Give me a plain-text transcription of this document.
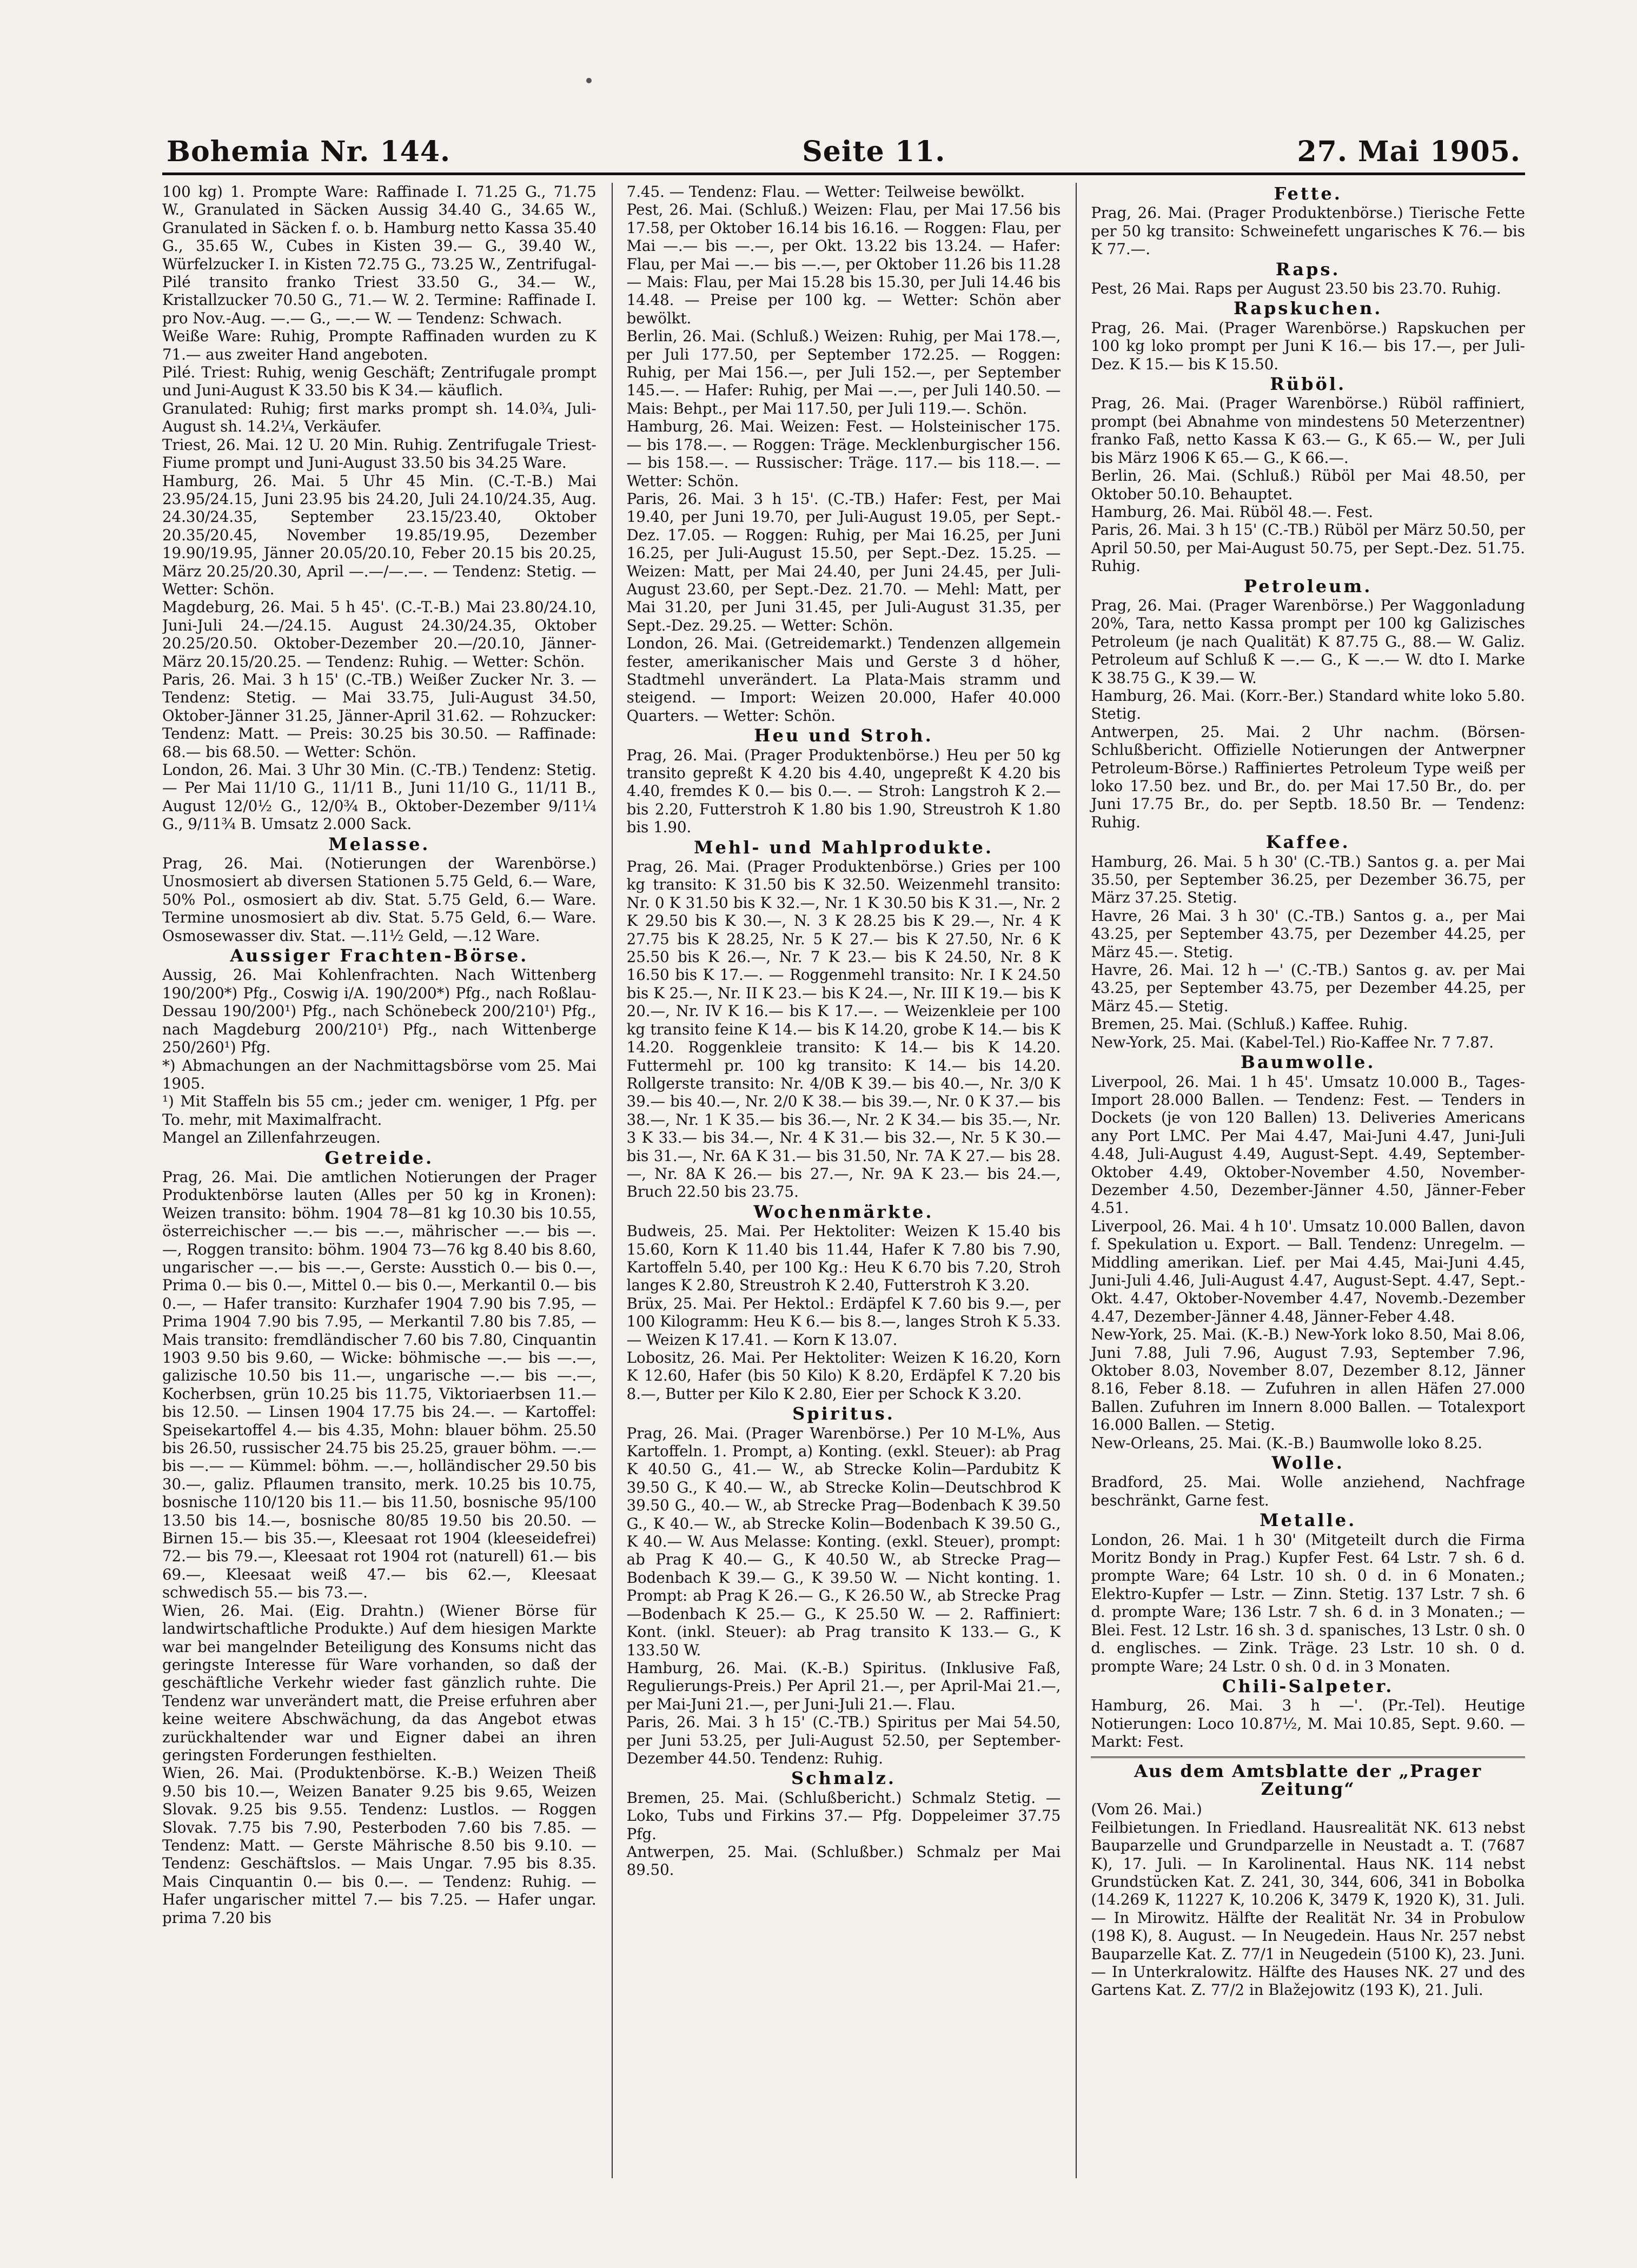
Bohemia Nr. 144.	Seite 11.	27. Mai 1905.

100 kg) 1. Prompte Ware: Raffinade I. 71.25 G., 71.75 W., Granulated in Säcken Aussig 34.40 G., 34.65 W., Granulated in Säcken f. o. b. Hamburg netto Kassa 35.40 G., 35.65 W., Cubes in Kisten 39.— G., 39.40 W., Würfelzucker I. in Kisten 72.75 G., 73.25 W., Zentrifugal-Pilé transito franko Triest 33.50 G., 34.— W., Kristallzucker 70.50 G., 71.— W. 2. Termine: Raffinade I. pro Nov.-Aug. —.— G., —.— W. — Tendenz: Schwach.

Weiße Ware: Ruhig, Prompte Raffinaden wurden zu K 71.— aus zweiter Hand angeboten.

Pilé. Triest: Ruhig, wenig Geschäft; Zentrifugale prompt und Juni-August K 33.50 bis K 34.— käuflich.

Granulated: Ruhig; first marks prompt sh. 14.0¾, Juli-August sh. 14.2¼, Verkäufer.

Triest, 26. Mai. 12 U. 20 Min. Ruhig. Zentrifugale Triest-Fiume prompt und Juni-August 33.50 bis 34.25 Ware.

Hamburg, 26. Mai. 5 Uhr 45 Min. (C.-T.-B.) Mai 23.95/24.15, Juni 23.95 bis 24.20, Juli 24.10/24.35, Aug. 24.30/24.35, September 23.15/23.40, Oktober 20.35/20.45, November 19.85/19.95, Dezember 19.90/19.95, Jänner 20.05/20.10, Feber 20.15 bis 20.25, März 20.25/20.30, April —.—/—.—. — Tendenz: Stetig. — Wetter: Schön.

Magdeburg, 26. Mai. 5 h 45'. (C.-T.-B.) Mai 23.80/24.10, Juni-Juli 24.—/24.15. August 24.30/24.35, Oktober 20.25/20.50. Oktober-Dezember 20.—/20.10, Jänner-März 20.15/20.25. — Tendenz: Ruhig. — Wetter: Schön.

Paris, 26. Mai. 3 h 15' (C.-TB.) Weißer Zucker Nr. 3. — Tendenz: Stetig. — Mai 33.75, Juli-August 34.50, Oktober-Jänner 31.25, Jänner-April 31.62. — Rohzucker: Tendenz: Matt. — Preis: 30.25 bis 30.50. — Raffinade: 68.— bis 68.50. — Wetter: Schön.

London, 26. Mai. 3 Uhr 30 Min. (C.-TB.) Tendenz: Stetig. — Per Mai 11/10 G., 11/11 B., Juni 11/10 G., 11/11 B., August 12/0½ G., 12/0¾ B., Oktober-Dezember 9/11¼ G., 9/11¾ B. Umsatz 2.000 Sack.

Melasse.

Prag, 26. Mai. (Notierungen der Warenbörse.) Unosmosiert ab diversen Stationen 5.75 Geld, 6.— Ware, 50% Pol., osmosiert ab div. Stat. 5.75 Geld, 6.— Ware. Termine unosmosiert ab div. Stat. 5.75 Geld, 6.— Ware. Osmosewasser div. Stat. —.11½ Geld, —.12 Ware.

Aussiger Frachten-Börse.

Aussig, 26. Mai Kohlenfrachten. Nach Wittenberg 190/200*) Pfg., Coswig i/A. 190/200*) Pfg., nach Roßlau-Dessau 190/200¹) Pfg., nach Schönebeck 200/210¹) Pfg., nach Magdeburg 200/210¹) Pfg., nach Wittenberge 250/260¹) Pfg.

*) Abmachungen an der Nachmittagsbörse vom 25. Mai 1905.

¹) Mit Staffeln bis 55 cm.; jeder cm. weniger, 1 Pfg. per To. mehr, mit Maximalfracht.

Mangel an Zillenfahrzeugen.

Getreide.

Prag, 26. Mai. Die amtlichen Notierungen der Prager Produktenbörse lauten (Alles per 50 kg in Kronen): Weizen transito: böhm. 1904 78—81 kg 10.30 bis 10.55, österreichischer —.— bis —.—, mährischer —.— bis —.—, Roggen transito: böhm. 1904 73—76 kg 8.40 bis 8.60, ungarischer —.— bis —.—, Gerste: Ausstich 0.— bis 0.—, Prima 0.— bis 0.—, Mittel 0.— bis 0.—, Merkantil 0.— bis 0.—, — Hafer transito: Kurzhafer 1904 7.90 bis 7.95, — Prima 1904 7.90 bis 7.95, — Merkantil 7.80 bis 7.85, — Mais transito: fremdländischer 7.60 bis 7.80, Cinquantin 1903 9.50 bis 9.60, — Wicke: böhmische —.— bis —.—, galizische 10.50 bis 11.—, ungarische —.— bis —.—, Kocherbsen, grün 10.25 bis 11.75, Viktoriaerbsen 11.— bis 12.50. — Linsen 1904 17.75 bis 24.—. — Kartoffel: Speisekartoffel 4.— bis 4.35, Mohn: blauer böhm. 25.50 bis 26.50, russischer 24.75 bis 25.25, grauer böhm. —.— bis —.— — Kümmel: böhm. —.—, holländischer 29.50 bis 30.—, galiz. Pflaumen transito, merk. 10.25 bis 10.75, bosnische 110/120 bis 11.— bis 11.50, bosnische 95/100 13.50 bis 14.—, bosnische 80/85 19.50 bis 20.50. — Birnen 15.— bis 35.—, Kleesaat rot 1904 (kleeseidefrei) 72.— bis 79.—, Kleesaat rot 1904 rot (naturell) 61.— bis 69.—, Kleesaat weiß 47.— bis 62.—, Kleesaat schwedisch 55.— bis 73.—.

Wien, 26. Mai. (Eig. Drahtn.) (Wiener Börse für landwirtschaftliche Produkte.) Auf dem hiesigen Markte war bei mangelnder Beteiligung des Konsums nicht das geringste Interesse für Ware vorhanden, so daß der geschäftliche Verkehr wieder fast gänzlich ruhte. Die Tendenz war unverändert matt, die Preise erfuhren aber keine weitere Abschwächung, da das Angebot etwas zurückhaltender war und Eigner dabei an ihren geringsten Forderungen festhielten.

Wien, 26. Mai. (Produktenbörse. K.-B.) Weizen Theiß 9.50 bis 10.—, Weizen Banater 9.25 bis 9.65, Weizen Slovak. 9.25 bis 9.55. Tendenz: Lustlos. — Roggen Slovak. 7.75 bis 7.90, Pesterboden 7.60 bis 7.85. — Tendenz: Matt. — Gerste Mährische 8.50 bis 9.10. — Tendenz: Geschäftslos. — Mais Ungar. 7.95 bis 8.35. Mais Cinquantin 0.— bis 0.—. — Tendenz: Ruhig. — Hafer ungarischer mittel 7.— bis 7.25. — Hafer ungar. prima 7.20 bis

7.45. — Tendenz: Flau. — Wetter: Teilweise bewölkt.

Pest, 26. Mai. (Schluß.) Weizen: Flau, per Mai 17.56 bis 17.58, per Oktober 16.14 bis 16.16. — Roggen: Flau, per Mai —.— bis —.—, per Okt. 13.22 bis 13.24. — Hafer: Flau, per Mai —.— bis —.—, per Oktober 11.26 bis 11.28 — Mais: Flau, per Mai 15.28 bis 15.30, per Juli 14.46 bis 14.48. — Preise per 100 kg. — Wetter: Schön aber bewölkt.

Berlin, 26. Mai. (Schluß.) Weizen: Ruhig, per Mai 178.—, per Juli 177.50, per September 172.25. — Roggen: Ruhig, per Mai 156.—, per Juli 152.—, per September 145.—. — Hafer: Ruhig, per Mai —.—, per Juli 140.50. — Mais: Behpt., per Mai 117.50, per Juli 119.—. Schön.

Hamburg, 26. Mai. Weizen: Fest. — Holsteinischer 175.— bis 178.—. — Roggen: Träge. Mecklenburgischer 156.— bis 158.—. — Russischer: Träge. 117.— bis 118.—. — Wetter: Schön.

Paris, 26. Mai. 3 h 15'. (C.-TB.) Hafer: Fest, per Mai 19.40, per Juni 19.70, per Juli-August 19.05, per Sept.-Dez. 17.05. — Roggen: Ruhig, per Mai 16.25, per Juni 16.25, per Juli-August 15.50, per Sept.-Dez. 15.25. — Weizen: Matt, per Mai 24.40, per Juni 24.45, per Juli-August 23.60, per Sept.-Dez. 21.70. — Mehl: Matt, per Mai 31.20, per Juni 31.45, per Juli-August 31.35, per Sept.-Dez. 29.25. — Wetter: Schön.

London, 26. Mai. (Getreidemarkt.) Tendenzen allgemein fester, amerikanischer Mais und Gerste 3 d höher, Stadtmehl unverändert. La Plata-Mais stramm und steigend. — Import: Weizen 20.000, Hafer 40.000 Quarters. — Wetter: Schön.

Heu und Stroh.

Prag, 26. Mai. (Prager Produktenbörse.) Heu per 50 kg transito gepreßt K 4.20 bis 4.40, ungepreßt K 4.20 bis 4.40, fremdes K 0.— bis 0.—. — Stroh: Langstroh K 2.— bis 2.20, Futterstroh K 1.80 bis 1.90, Streustroh K 1.80 bis 1.90.

Mehl- und Mahlprodukte.

Prag, 26. Mai. (Prager Produktenbörse.) Gries per 100 kg transito: K 31.50 bis K 32.50. Weizenmehl transito: Nr. 0 K 31.50 bis K 32.—, Nr. 1 K 30.50 bis K 31.—, Nr. 2 K 29.50 bis K 30.—, N. 3 K 28.25 bis K 29.—, Nr. 4 K 27.75 bis K 28.25, Nr. 5 K 27.— bis K 27.50, Nr. 6 K 25.50 bis K 26.—, Nr. 7 K 23.— bis K 24.50, Nr. 8 K 16.50 bis K 17.—. — Roggenmehl transito: Nr. I K 24.50 bis K 25.—, Nr. II K 23.— bis K 24.—, Nr. III K 19.— bis K 20.—, Nr. IV K 16.— bis K 17.—. — Weizenkleie per 100 kg transito feine K 14.— bis K 14.20, grobe K 14.— bis K 14.20. Roggenkleie transito: K 14.— bis K 14.20. Futtermehl pr. 100 kg transito: K 14.— bis 14.20. Rollgerste transito: Nr. 4/0B K 39.— bis 40.—, Nr. 3/0 K 39.— bis 40.—, Nr. 2/0 K 38.— bis 39.—, Nr. 0 K 37.— bis 38.—, Nr. 1 K 35.— bis 36.—, Nr. 2 K 34.— bis 35.—, Nr. 3 K 33.— bis 34.—, Nr. 4 K 31.— bis 32.—, Nr. 5 K 30.— bis 31.—, Nr. 6A K 31.— bis 31.50, Nr. 7A K 27.— bis 28.—, Nr. 8A K 26.— bis 27.—, Nr. 9A K 23.— bis 24.—, Bruch 22.50 bis 23.75.

Wochenmärkte.

Budweis, 25. Mai. Per Hektoliter: Weizen K 15.40 bis 15.60, Korn K 11.40 bis 11.44, Hafer K 7.80 bis 7.90, Kartoffeln 5.40, per 100 Kg.: Heu K 6.70 bis 7.20, Stroh langes K 2.80, Streustroh K 2.40, Futterstroh K 3.20.

Brüx, 25. Mai. Per Hektol.: Erdäpfel K 7.60 bis 9.—, per 100 Kilogramm: Heu K 6.— bis 8.—, langes Stroh K 5.33. — Weizen K 17.41. — Korn K 13.07.

Lobositz, 26. Mai. Per Hektoliter: Weizen K 16.20, Korn K 12.60, Hafer (bis 50 Kilo) K 8.20, Erdäpfel K 7.20 bis 8.—, Butter per Kilo K 2.80, Eier per Schock K 3.20.

Spiritus.

Prag, 26. Mai. (Prager Warenbörse.) Per 10 M-L%, Aus Kartoffeln. 1. Prompt, a) Konting. (exkl. Steuer): ab Prag K 40.50 G., 41.— W., ab Strecke Kolin—Pardubitz K 39.50 G., K 40.— W., ab Strecke Kolin—Deutschbrod K 39.50 G., 40.— W., ab Strecke Prag—Bodenbach K 39.50 G., K 40.— W., ab Strecke Kolin—Bodenbach K 39.50 G., K 40.— W. Aus Melasse: Konting. (exkl. Steuer), prompt: ab Prag K 40.— G., K 40.50 W., ab Strecke Prag—Bodenbach K 39.— G., K 39.50 W. — Nicht konting. 1. Prompt: ab Prag K 26.— G., K 26.50 W., ab Strecke Prag—Bodenbach K 25.— G., K 25.50 W. — 2. Raffiniert: Kont. (inkl. Steuer): ab Prag transito K 133.— G., K 133.50 W.

Hamburg, 26. Mai. (K.-B.) Spiritus. (Inklusive Faß, Regulierungs-Preis.) Per April 21.—, per April-Mai 21.—, per Mai-Juni 21.—, per Juni-Juli 21.—. Flau.

Paris, 26. Mai. 3 h 15' (C.-TB.) Spiritus per Mai 54.50, per Juni 53.25, per Juli-August 52.50, per September-Dezember 44.50. Tendenz: Ruhig.

Schmalz.

Bremen, 25. Mai. (Schlußbericht.) Schmalz Stetig. — Loko, Tubs und Firkins 37.— Pfg. Doppeleimer 37.75 Pfg.

Antwerpen, 25. Mai. (Schlußber.) Schmalz per Mai 89.50.

Fette.

Prag, 26. Mai. (Prager Produktenbörse.) Tierische Fette per 50 kg transito: Schweinefett ungarisches K 76.— bis K 77.—.

Raps.

Pest, 26 Mai. Raps per August 23.50 bis 23.70. Ruhig.

Rapskuchen.

Prag, 26. Mai. (Prager Warenbörse.) Rapskuchen per 100 kg loko prompt per Juni K 16.— bis 17.—, per Juli-Dez. K 15.— bis K 15.50.

Rüböl.

Prag, 26. Mai. (Prager Warenbörse.) Rüböl raffiniert, prompt (bei Abnahme von mindestens 50 Meterzentner) franko Faß, netto Kassa K 63.— G., K 65.— W., per Juli bis März 1906 K 65.— G., K 66.—.

Berlin, 26. Mai. (Schluß.) Rüböl per Mai 48.50, per Oktober 50.10. Behauptet.

Hamburg, 26. Mai. Rüböl 48.—. Fest.

Paris, 26. Mai. 3 h 15' (C.-TB.) Rüböl per März 50.50, per April 50.50, per Mai-August 50.75, per Sept.-Dez. 51.75. Ruhig.

Petroleum.

Prag, 26. Mai. (Prager Warenbörse.) Per Waggonladung 20%, Tara, netto Kassa prompt per 100 kg Galizisches Petroleum (je nach Qualität) K 87.75 G., 88.— W. Galiz. Petroleum auf Schluß K —.— G., K —.— W. dto I. Marke K 38.75 G., K 39.— W.

Hamburg, 26. Mai. (Korr.-Ber.) Standard white loko 5.80. Stetig.

Antwerpen, 25. Mai. 2 Uhr nachm. (Börsen-Schlußbericht. Offizielle Notierungen der Antwerpner Petroleum-Börse.) Raffiniertes Petroleum Type weiß per loko 17.50 bez. und Br., do. per Mai 17.50 Br., do. per Juni 17.75 Br., do. per Septb. 18.50 Br. — Tendenz: Ruhig.

Kaffee.

Hamburg, 26. Mai. 5 h 30' (C.-TB.) Santos g. a. per Mai 35.50, per September 36.25, per Dezember 36.75, per März 37.25. Stetig.

Havre, 26 Mai. 3 h 30' (C.-TB.) Santos g. a., per Mai 43.25, per September 43.75, per Dezember 44.25, per März 45.—. Stetig.

Havre, 26. Mai. 12 h —' (C.-TB.) Santos g. av. per Mai 43.25, per September 43.75, per Dezember 44.25, per März 45.— Stetig.

Bremen, 25. Mai. (Schluß.) Kaffee. Ruhig.

New-York, 25. Mai. (Kabel-Tel.) Rio-Kaffee Nr. 7 7.87.

Baumwolle.

Liverpool, 26. Mai. 1 h 45'. Umsatz 10.000 B., Tages-Import 28.000 Ballen. — Tendenz: Fest. — Tenders in Dockets (je von 120 Ballen) 13. Deliveries Americans any Port LMC. Per Mai 4.47, Mai-Juni 4.47, Juni-Juli 4.48, Juli-August 4.49, August-Sept. 4.49, September-Oktober 4.49, Oktober-November 4.50, November-Dezember 4.50, Dezember-Jänner 4.50, Jänner-Feber 4.51.

Liverpool, 26. Mai. 4 h 10'. Umsatz 10.000 Ballen, davon f. Spekulation u. Export. — Ball. Tendenz: Unregelm. — Middling amerikan. Lief. per Mai 4.45, Mai-Juni 4.45, Juni-Juli 4.46, Juli-August 4.47, August-Sept. 4.47, Sept.-Okt. 4.47, Oktober-November 4.47, Novemb.-Dezember 4.47, Dezember-Jänner 4.48, Jänner-Feber 4.48.

New-York, 25. Mai. (K.-B.) New-York loko 8.50, Mai 8.06, Juni 7.88, Juli 7.96, August 7.93, September 7.96, Oktober 8.03, November 8.07, Dezember 8.12, Jänner 8.16, Feber 8.18. — Zufuhren in allen Häfen 27.000 Ballen. Zufuhren im Innern 8.000 Ballen. — Totalexport 16.000 Ballen. — Stetig.

New-Orleans, 25. Mai. (K.-B.) Baumwolle loko 8.25.

Wolle.

Bradford, 25. Mai. Wolle anziehend, Nachfrage beschränkt, Garne fest.

Metalle.

London, 26. Mai. 1 h 30' (Mitgeteilt durch die Firma Moritz Bondy in Prag.) Kupfer Fest. 64 Lstr. 7 sh. 6 d. prompte Ware; 64 Lstr. 10 sh. 0 d. in 6 Monaten.; Elektro-Kupfer — Lstr. — Zinn. Stetig. 137 Lstr. 7 sh. 6 d. prompte Ware; 136 Lstr. 7 sh. 6 d. in 3 Monaten.; — Blei. Fest. 12 Lstr. 16 sh. 3 d. spanisches, 13 Lstr. 0 sh. 0 d. englisches. — Zink. Träge. 23 Lstr. 10 sh. 0 d. prompte Ware; 24 Lstr. 0 sh. 0 d. in 3 Monaten.

Chili-Salpeter.

Hamburg, 26. Mai. 3 h —'. (Pr.-Tel). Heutige Notierungen: Loco 10.87½, M. Mai 10.85, Sept. 9.60. — Markt: Fest.

Aus dem Amtsblatte der „Prager Zeitung“

(Vom 26. Mai.)

Feilbietungen. In Friedland. Hausrealität NK. 613 nebst Bauparzelle und Grundparzelle in Neustadt a. T. (7687 K), 17. Juli. — In Karolinental. Haus NK. 114 nebst Grundstücken Kat. Z. 241, 30, 344, 606, 341 in Bobolka (14.269 K, 11227 K, 10.206 K, 3479 K, 1920 K), 31. Juli. — In Mirowitz. Hälfte der Realität Nr. 34 in Probulow (198 K), 8. August. — In Neugedein. Haus Nr. 257 nebst Bauparzelle Kat. Z. 77/1 in Neugedein (5100 K), 23. Juni. — In Unterkralowitz. Hälfte des Hauses NK. 27 und des Gartens Kat. Z. 77/2 in Blažejowitz (193 K), 21. Juli.
